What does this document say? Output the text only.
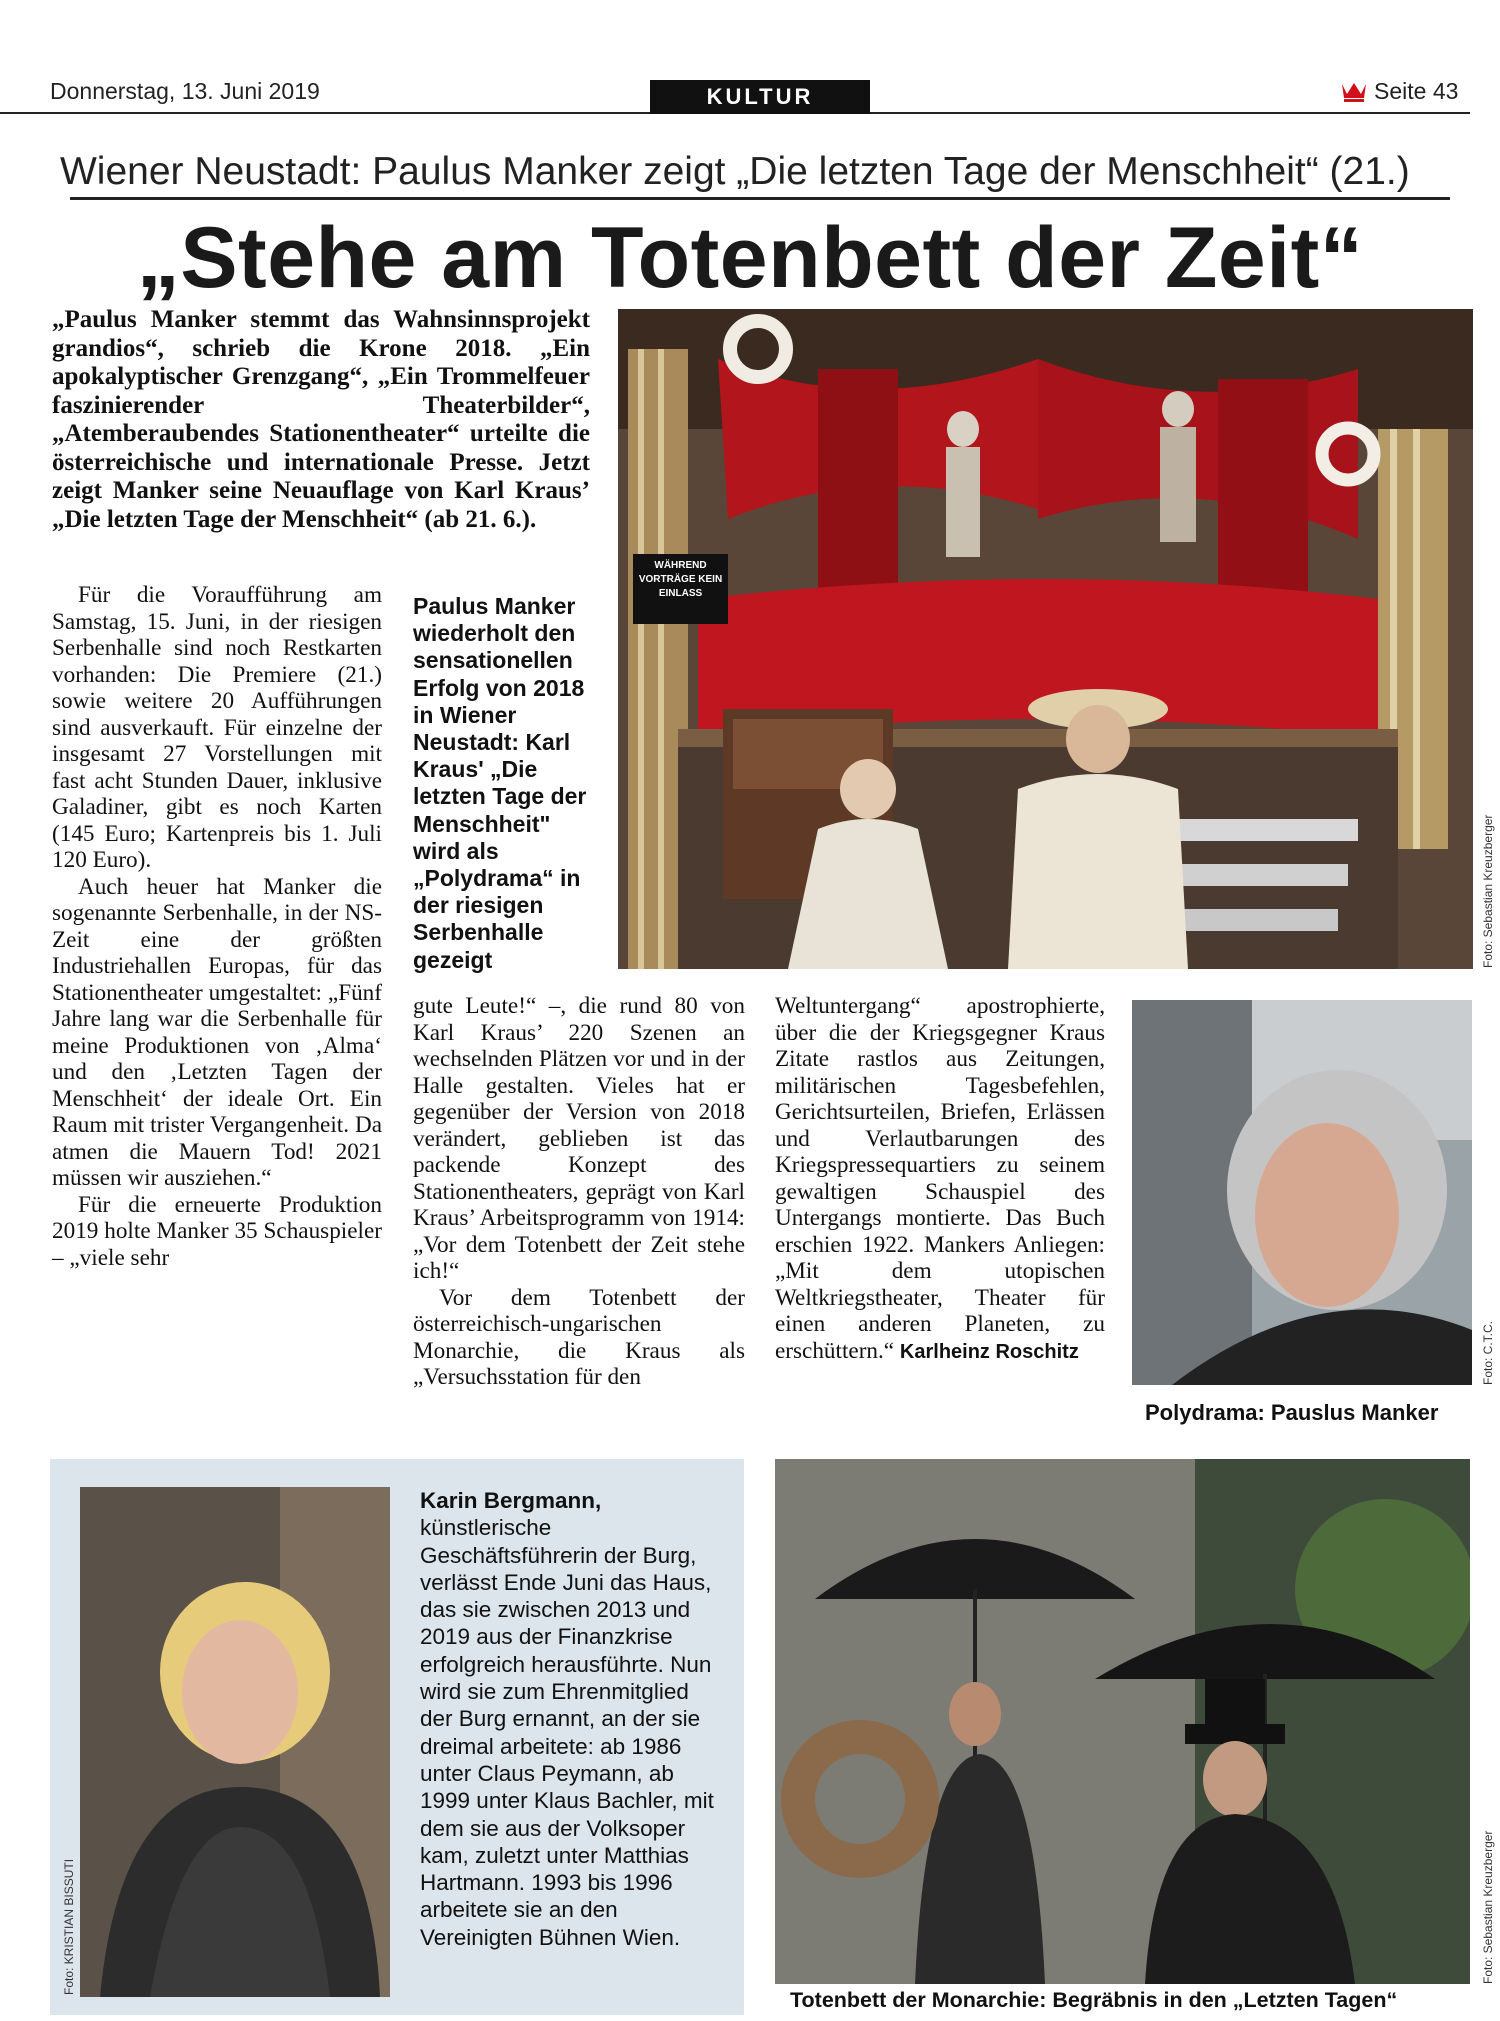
Donnerstag, 13. Juni 2019	KULTUR	Seite 43
Wiener Neustadt: Paulus Manker zeigt „Die letzten Tage der Menschheit“ (21.)
„Stehe am Totenbett der Zeit“
„Paulus Manker stemmt das Wahnsinnsprojekt grandios“, schrieb die Krone 2018. „Ein apokalyptischer Grenzgang“, „Ein Trommelfeuer faszinierender Theaterbilder“, „Atemberaubendes Stationentheater“ urteilte die österreichische und internationale Presse. Jetzt zeigt Manker seine Neuauflage von Karl Kraus’ „Die letzten Tage der Menschheit“ (ab 21. 6.).
WÄHREND VORTRÄGE KEIN EINLASS
Foto: Sebastian Kreuzberger
Paulus Manker wiederholt den sensationellen Erfolg von 2018 in Wiener Neustadt: Karl Kraus' „Die letzten Tage der Menschheit" wird als „Polydrama“ in der riesigen Serbenhalle gezeigt

Für die Voraufführung am Samstag, 15. Juni, in der riesigen Serbenhalle sind noch Restkarten vorhanden: Die Premiere (21.) sowie weitere 20 Aufführungen sind ausverkauft. Für einzelne der insgesamt 27 Vorstellungen mit fast acht Stunden Dauer, inklusive Galadiner, gibt es noch Karten (145 Euro; Kartenpreis bis 1. Juli 120 Euro).

Auch heuer hat Manker die sogenannte Serbenhalle, in der NS-Zeit eine der größten Industriehallen Europas, für das Stationentheater umgestaltet: „Fünf Jahre lang war die Serbenhalle für meine Produktionen von ‚Alma‘ und den ‚Letzten Tagen der Menschheit‘ der ideale Ort. Ein Raum mit trister Vergangenheit. Da atmen die Mauern Tod! 2021 müssen wir ausziehen.“

Für die erneuerte Produktion 2019 holte Manker 35 Schauspieler – „viele sehr

gute Leute!“ –, die rund 80 von Karl Kraus’ 220 Szenen an wechselnden Plätzen vor und in der Halle gestalten. Vieles hat er gegenüber der Version von 2018 verändert, geblieben ist das packende Konzept des Stationentheaters, geprägt von Karl Kraus’ Arbeitsprogramm von 1914: „Vor dem Totenbett der Zeit stehe ich!“

Vor dem Totenbett der österreichisch-ungarischen Monarchie, die Kraus als „Versuchsstation für den

Weltuntergang“ apostrophierte, über die der Kriegsgegner Kraus Zitate rastlos aus Zeitungen, militärischen Tagesbefehlen, Gerichtsurteilen, Briefen, Erlässen und Verlautbarungen des Kriegspressequartiers zu seinem gewaltigen Schauspiel des Untergangs montierte. Das Buch erschien 1922. Mankers Anliegen: „Mit dem utopischen Weltkriegstheater, Theater für einen anderen Planeten, zu erschüttern.“ Karlheinz Roschitz	Foto: C.T.C.
Polydrama: Pauslus Manker
Foto: KRISTIAN BISSUTI
Karin Bergmann, künstlerische Geschäftsführerin der Burg, verlässt Ende Juni das Haus, das sie zwischen 2013 und 2019 aus der Finanzkrise erfolgreich herausführte. Nun wird sie zum Ehrenmitglied der Burg ernannt, an der sie dreimal arbeitete: ab 1986 unter Claus Peymann, ab 1999 unter Klaus Bachler, mit dem sie aus der Volksoper kam, zuletzt unter Matthias Hartmann. 1993 bis 1996 arbeitete sie an den Vereinigten Bühnen Wien.	Foto: Sebastian Kreuzberger
Totenbett der Monarchie: Begräbnis in den „Letzten Tagen“
